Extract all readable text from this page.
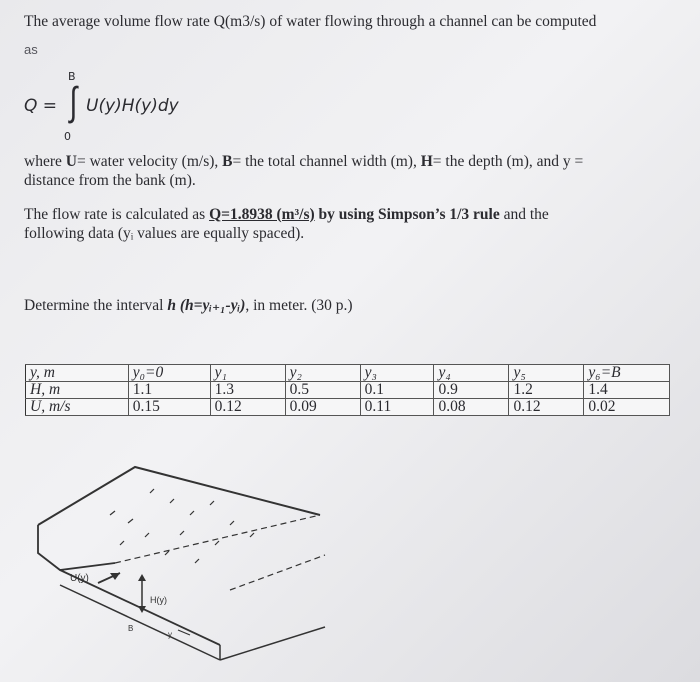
The average volume flow rate Q(m3/s) of water flowing through a channel can be computed
as
Q =
B
∫
0
U(y)H(y)dy
where U= water velocity (m/s), B= the total channel width (m), H= the depth (m), and y =
distance from the bank (m).
The flow rate is calculated as Q=1.8938 (m³/s) by using Simpson’s 1/3 rule and the
following data (yᵢ values are equally spaced).
Determine the interval h (h=yᵢ₊₁-yᵢ), in meter. (30 p.)
y, m	y₀=0	y₁	y₂	y₃	y₄	y₅	y₆=B
H, m	1.1	1.3	0.5	0.1	0.9	1.2	1.4
U, m/s	0.15	0.12	0.09	0.11	0.08	0.12	0.02
U(y)
H(y)
B
y
